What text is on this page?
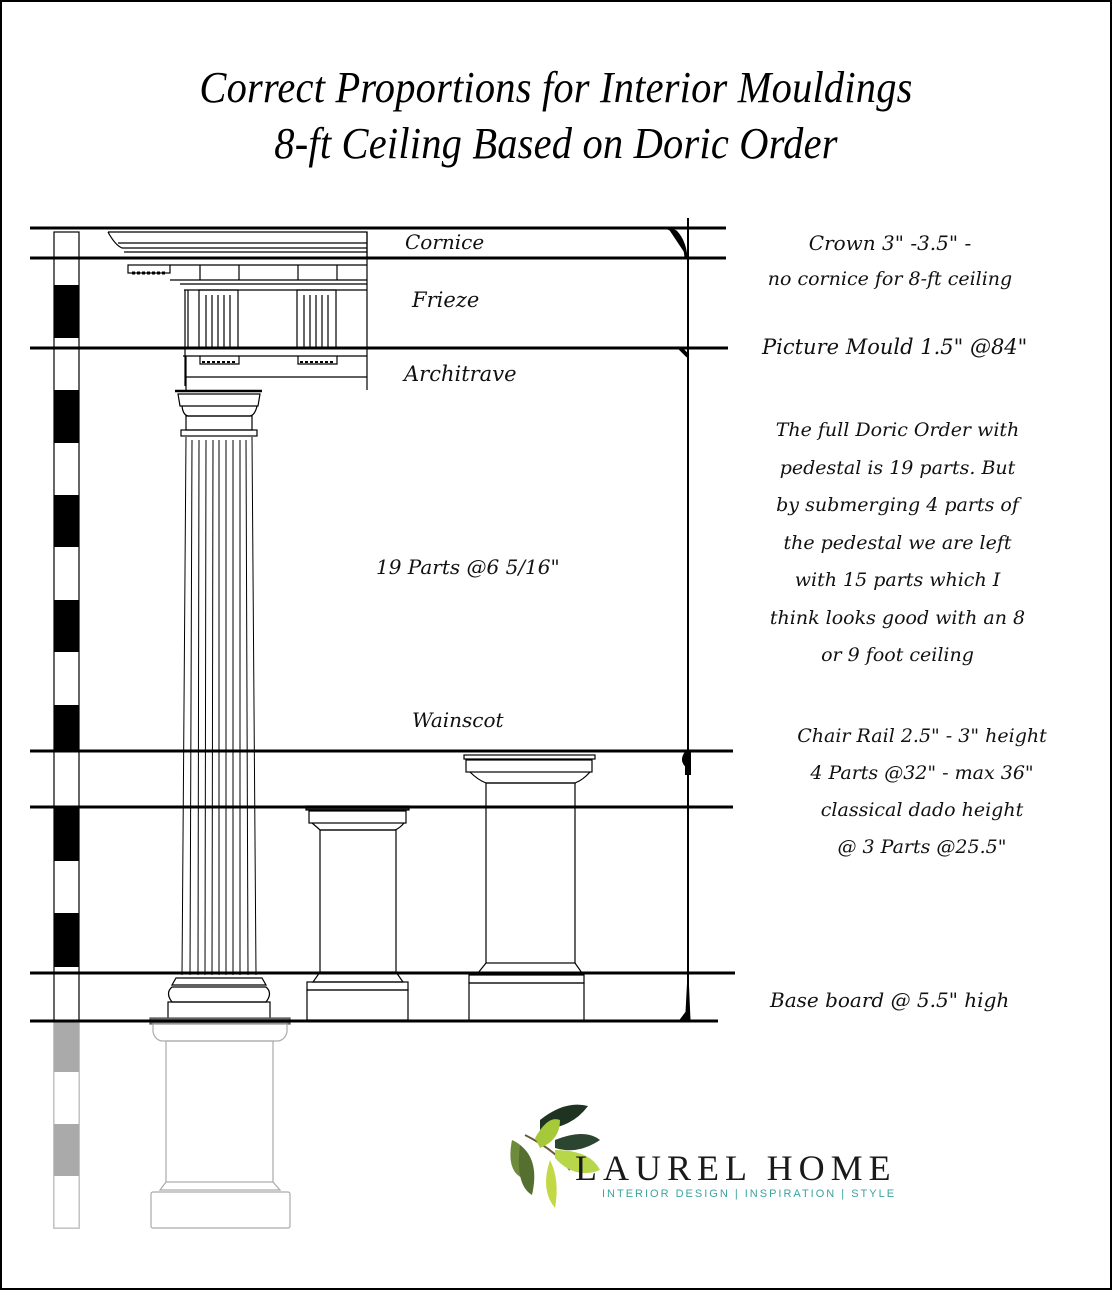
Correct Proportions for Interior Mouldings
8-ft Ceiling Based on Doric Order
Cornice
Frieze
Architrave
19 Parts @6 5/16"
Wainscot
Crown 3" -3.5" -
no cornice for 8-ft ceiling
Picture Mould 1.5" @84"
The full Doric Order with
pedestal is 19 parts. But
by submerging 4 parts of
the pedestal we are left
with 15 parts which I
think looks good with an 8
or 9 foot ceiling
Chair Rail 2.5" - 3" height
4 Parts @32" - max 36"
classical dado height
@ 3 Parts @25.5"
Base board @ 5.5" high
LAUREL HOME
INTERIOR DESIGN | INSPIRATION | STYLE
